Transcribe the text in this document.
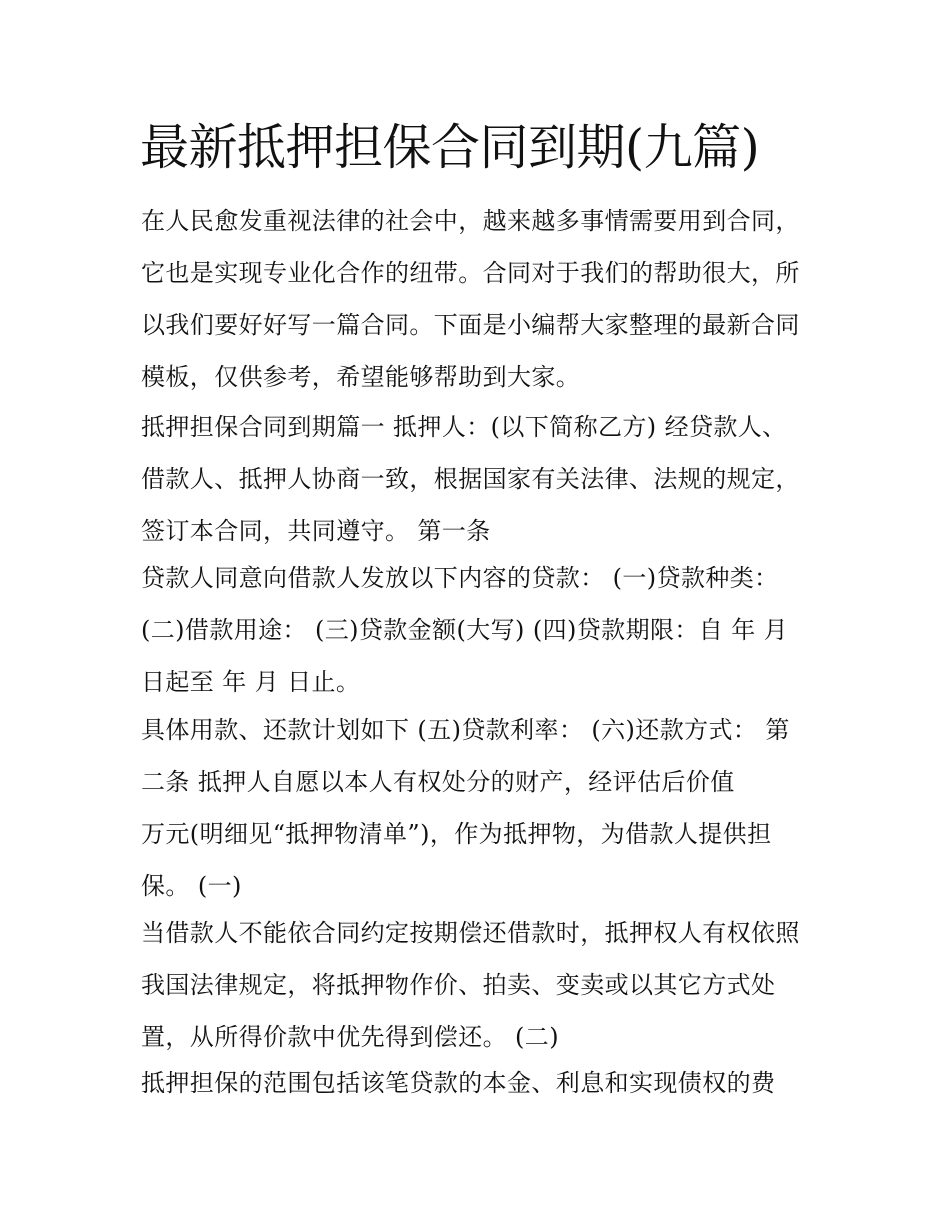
最新抵押担保合同到期(九篇)
在人民愈发重视法律的社会中，越来越多事情需要用到合同，
它也是实现专业化合作的纽带。合同对于我们的帮助很大，所
以我们要好好写一篇合同。下面是小编帮大家整理的最新合同
模板，仅供参考，希望能够帮助到大家。
抵押担保合同到期篇一 抵押人：(以下简称乙方) 经贷款人、
借款人、抵押人协商一致，根据国家有关法律、法规的规定，
签订本合同，共同遵守。 第一条
贷款人同意向借款人发放以下内容的贷款： (一)贷款种类：
(二)借款用途： (三)贷款金额(大写) (四)贷款期限：自 年 月
日起至 年 月 日止。
具体用款、还款计划如下 (五)贷款利率： (六)还款方式： 第
二条 抵押人自愿以本人有权处分的财产，经评估后价值
万元(明细见“抵押物清单”)，作为抵押物，为借款人提供担
保。 (一)
当借款人不能依合同约定按期偿还借款时，抵押权人有权依照
我国法律规定，将抵押物作价、拍卖、变卖或以其它方式处
置，从所得价款中优先得到偿还。 (二)
抵押担保的范围包括该笔贷款的本金、利息和实现债权的费
